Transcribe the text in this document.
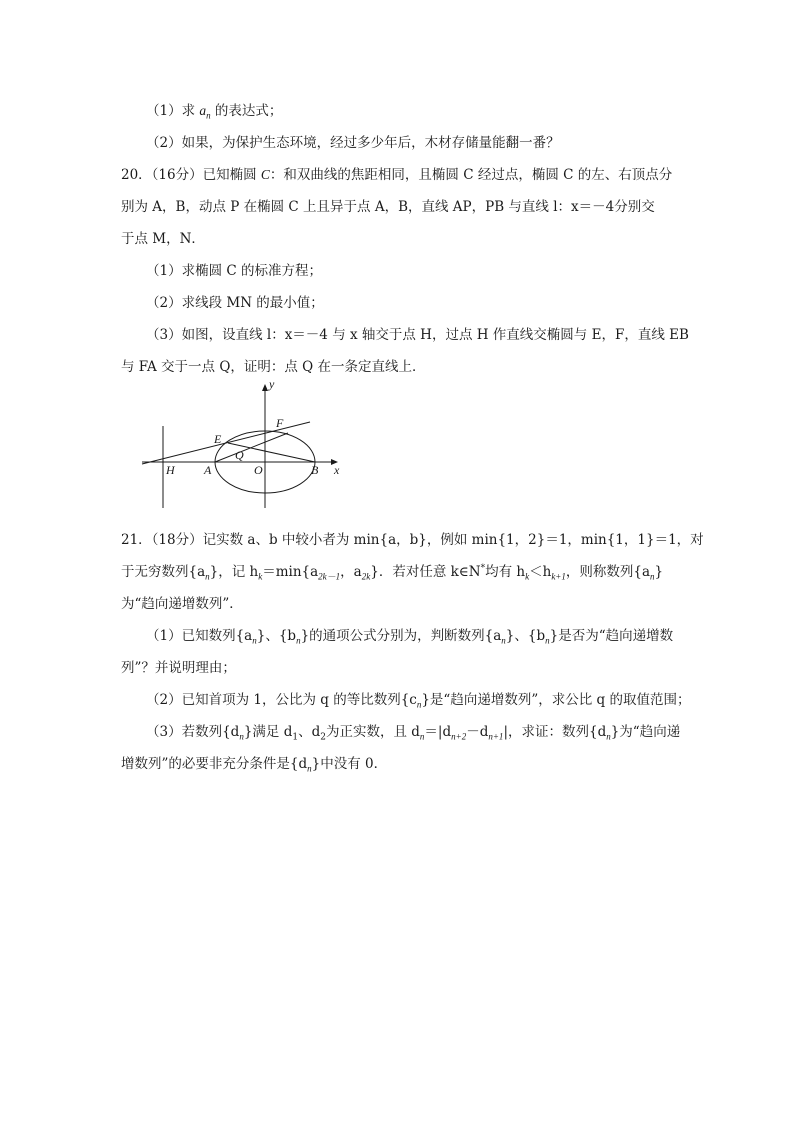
（1）求 $a_n$ 的表达式；
（2）如果，为保护生态环境，经过多少年后，木材存储量能翻一番？
20．（16分）已知椭圆 C：和双曲线的焦距相同，且椭圆 C 经过点，椭圆 C 的左、右顶点分
别为 A，B，动点 P 在椭圆 C 上且异于点 A，B，直线 AP，PB 与直线 l：x＝－4分别交
于点 M，N．
（1）求椭圆 C 的标准方程；
（2）求线段 MN 的最小值；
（3）如图，设直线 l：x＝－4 与 x 轴交于点 H，过点 H 作直线交椭圆与 E，F，直线 EB
与 FA 交于一点 Q，证明：点 Q 在一条定直线上．
y
x
F
E
Q
H A	O	B
21．（18分）记实数 a、b 中较小者为 min{a，b}，例如 min{1，2}＝1，min{1，1}＝1，对
于无穷数列$\{a_n\}$，记 $h_k=\min\{a_{2k-1}$，$a_{2k}$}．若对任意 k∈N*均有 $h_k<h_{k+1}$，则称数列$\{a_n\}$
为“趋向递增数列”．
（1）已知数列$\{a_n\}$、$\{b_n\}$的通项公式分别为，判断数列$\{a_n\}$、$\{b_n\}$是否为“趋向递增数
列”？并说明理由；
（2）已知首项为 1，公比为 q 的等比数列$\{c_n\}$是“趋向递增数列”，求公比 q 的取值范围；
（3）若数列$\{d_n\}$满足 $d_1$、$d_2$为正实数，且 $d_n=|d_{n+2}-d_{n+1}|$，求证：数列$\{d_n\}$为“趋向递
增数列”的必要非充分条件是$\{d_n\}$中没有 0．
